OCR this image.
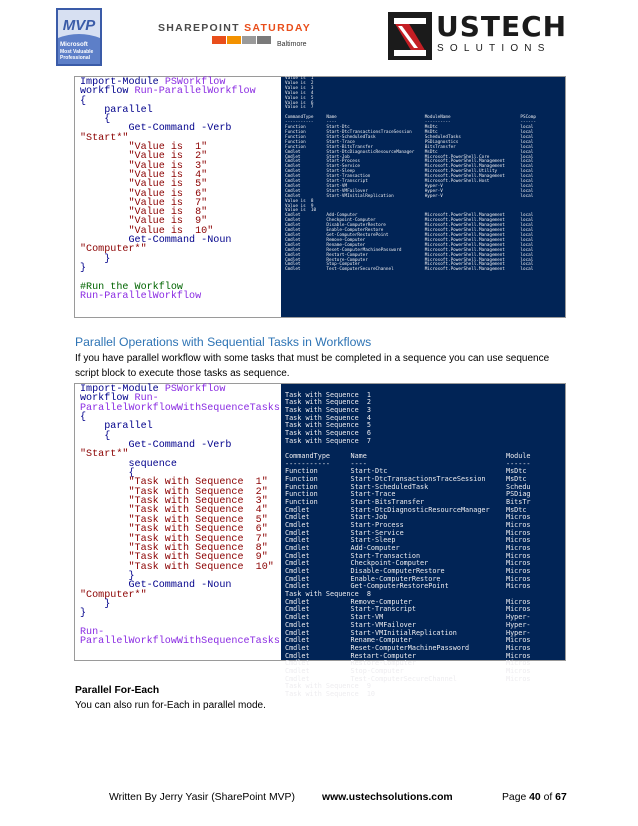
MVP
Microsoft
Most Valuable
Professional
SHAREPOINT SATURDAY
Baltimore
USTECH
SOLUTIONS
Import-Module PSWorkflow
workflow Run-ParallelWorkflow
{
parallel
{
Get-Command -Verb
"Start*"
"Value is  1"
"Value is  2"
"Value is  3"
"Value is  4"
"Value is  5"
"Value is  6"
"Value is  7"
"Value is  8"
"Value is  9"
"Value is  10"
Get-Command -Noun
"Computer*"
}
}

#Run the Workflow
Run-ParallelWorkflow
Value is  1
Value is  2
Value is  3
Value is  4
Value is  5
Value is  6
Value is  7

CommandType     Name                                  ModuleName                           PSComp
-----------     ----                                  ----------                           ------
Function        Start-Dtc                             MsDtc                                local
Function        Start-DtcTransactionsTraceSession     MsDtc                                local
Function        Start-ScheduledTask                   ScheduledTasks                       local
Function        Start-Trace                           PSDiagnostics                        local
Function        Start-BitsTransfer                    BitsTransfer                         local
Cmdlet          Start-DtcDiagnosticResourceManager    MsDtc                                local
Cmdlet          Start-Job                             Microsoft.PowerShell.Core            local
Cmdlet          Start-Process                         Microsoft.PowerShell.Management      local
Cmdlet          Start-Service                         Microsoft.PowerShell.Management      local
Cmdlet          Start-Sleep                           Microsoft.PowerShell.Utility         local
Cmdlet          Start-Transaction                     Microsoft.PowerShell.Management      local
Cmdlet          Start-Transcript                      Microsoft.PowerShell.Host            local
Cmdlet          Start-VM                              Hyper-V                              local
Cmdlet          Start-VMFailover                      Hyper-V                              local
Cmdlet          Start-VMInitialReplication            Hyper-V                              local
Value is  8
Value is  9
Value is  10
Cmdlet          Add-Computer                          Microsoft.PowerShell.Management      local
Cmdlet          Checkpoint-Computer                   Microsoft.PowerShell.Management      local
Cmdlet          Disable-ComputerRestore               Microsoft.PowerShell.Management      local
Cmdlet          Enable-ComputerRestore                Microsoft.PowerShell.Management      local
Cmdlet          Get-ComputerRestorePoint              Microsoft.PowerShell.Management      local
Cmdlet          Remove-Computer                       Microsoft.PowerShell.Management      local
Cmdlet          Rename-Computer                       Microsoft.PowerShell.Management      local
Cmdlet          Reset-ComputerMachinePassword         Microsoft.PowerShell.Management      local
Cmdlet          Restart-Computer                      Microsoft.PowerShell.Management      local
Cmdlet          Restore-Computer                      Microsoft.PowerShell.Management      local
Cmdlet          Stop-Computer                         Microsoft.PowerShell.Management      local
Cmdlet          Test-ComputerSecureChannel            Microsoft.PowerShell.Management      local
Parallel Operations with Sequential Tasks in Workflows
If you have parallel workflow with some tasks that must be completed in a sequence you can use sequence script block to execute those tasks as sequence.
Import-Module PSWorkflow
workflow Run-
ParallelWorkflowWithSequenceTasks
{
parallel
{
Get-Command -Verb
"Start*"
sequence
{
"Task with Sequence  1"
"Task with Sequence  2"
"Task with Sequence  3"
"Task with Sequence  4"
"Task with Sequence  5"
"Task with Sequence  6"
"Task with Sequence  7"
"Task with Sequence  8"
"Task with Sequence  9"
"Task with Sequence  10"
}
Get-Command -Noun
"Computer*"
}
}

Run-
ParallelWorkflowWithSequenceTasks

Task with Sequence  1
Task with Sequence  2
Task with Sequence  3
Task with Sequence  4
Task with Sequence  5
Task with Sequence  6
Task with Sequence  7

CommandType     Name                                  Module
-----------     ----                                  ------
Function        Start-Dtc                             MsDtc
Function        Start-DtcTransactionsTraceSession     MsDtc
Function        Start-ScheduledTask                   Schedu
Function        Start-Trace                           PSDiag
Function        Start-BitsTransfer                    BitsTr
Cmdlet          Start-DtcDiagnosticResourceManager    MsDtc
Cmdlet          Start-Job                             Micros
Cmdlet          Start-Process                         Micros
Cmdlet          Start-Service                         Micros
Cmdlet          Start-Sleep                           Micros
Cmdlet          Add-Computer                          Micros
Cmdlet          Start-Transaction                     Micros
Cmdlet          Checkpoint-Computer                   Micros
Cmdlet          Disable-ComputerRestore               Micros
Cmdlet          Enable-ComputerRestore                Micros
Cmdlet          Get-ComputerRestorePoint              Micros
Task with Sequence  8
Cmdlet          Remove-Computer                       Micros
Cmdlet          Start-Transcript                      Micros
Cmdlet          Start-VM                              Hyper-
Cmdlet          Start-VMFailover                      Hyper-
Cmdlet          Start-VMInitialReplication            Hyper-
Cmdlet          Rename-Computer                       Micros
Cmdlet          Reset-ComputerMachinePassword         Micros
Cmdlet          Restart-Computer                      Micros
Cmdlet          Restore-Computer                      Micros
Cmdlet          Stop-Computer                         Micros
Cmdlet          Test-ComputerSecureChannel            Micros
Task with Sequence  9
Task with Sequence  10
Parallel For-Each
You can also run for-Each in parallel mode.
Written By Jerry Yasir (SharePoint MVP)	www.ustechsolutions.com	Page 40 of 67
